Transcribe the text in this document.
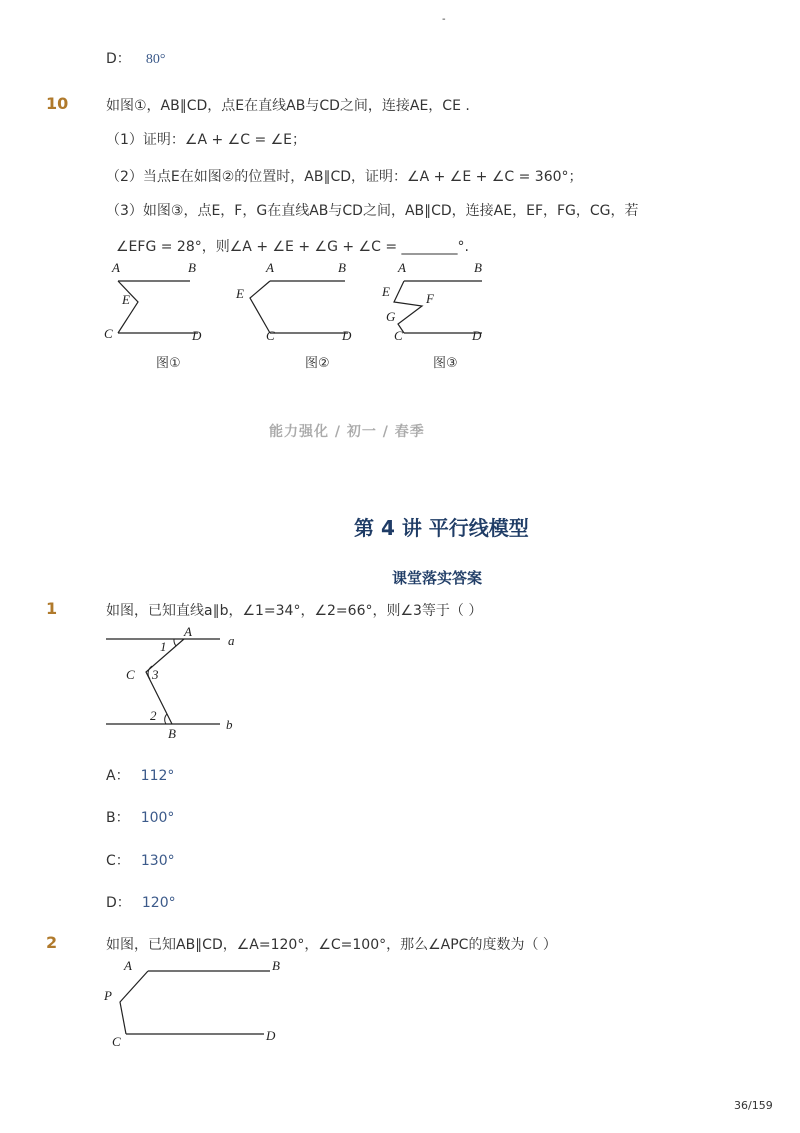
-
D： 80°
10	如图①，AB∥CD，点E在直线AB与CD之间，连接AE，CE .
（1）证明：∠A + ∠C = ∠E；
（2）当点E在如图②的位置时，AB∥CD，证明：∠A + ∠E + ∠C = 360°；
（3）如图③，点E，F，G在直线AB与CD之间，AB∥CD，连接AE，EF，FG，CG，若
∠EFG = 28°，则∠A + ∠E + ∠G + ∠C = ________°.
A	B
E
C	D
图①
A	B
E
C	D
图②
A	B
E	F
G
C	D
图③
能力强化 / 初一 / 春季
第 4 讲 平行线模型
课堂落实答案
1	如图，已知直线a∥b，∠1=34°，∠2=66°，则∠3等于（ ）
A
a
1
C 3
2
B
b
A： 112°
B： 100°
C： 130°
D： 120°
2	如图，已知AB∥CD，∠A=120°，∠C=100°，那么∠APC的度数为（ ）
A	B
P
C	D
36/159
